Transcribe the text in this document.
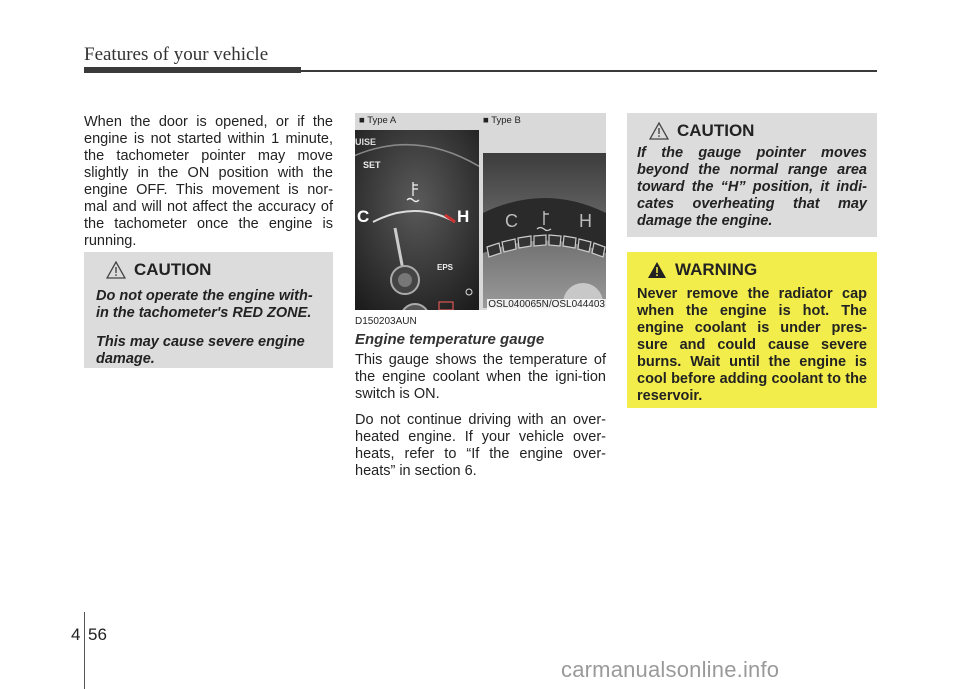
Features of your vehicle

When the door is opened, or if the engine is not started within 1 minute, the tachometer pointer may move slightly in the ON position with the engine OFF. This movement is nor-mal and will not affect the accuracy of the tachometer once the engine is running.

CAUTION

Do not operate the engine with-in the tachometer's RED ZONE.

This may cause severe engine damage.

■ Type A	■ Type B
UISE
SET
C	H
EPS
C	H
OSL040065N/OSL044403
D150203AUN
Engine temperature gauge

This gauge shows the temperature of the engine coolant when the igni-tion switch is ON.

Do not continue driving with an over-heated engine. If your vehicle over-heats, refer to “If the engine over-heats” in section 6.

CAUTION

If the gauge pointer moves beyond the normal range area toward the “H” position, it indi-cates overheating that may damage the engine.

WARNING

Never remove the radiator cap when the engine is hot. The engine coolant is under pres-sure and could cause severe burns. Wait until the engine is cool before adding coolant to the reservoir.

4 56
carmanualsonline.info
